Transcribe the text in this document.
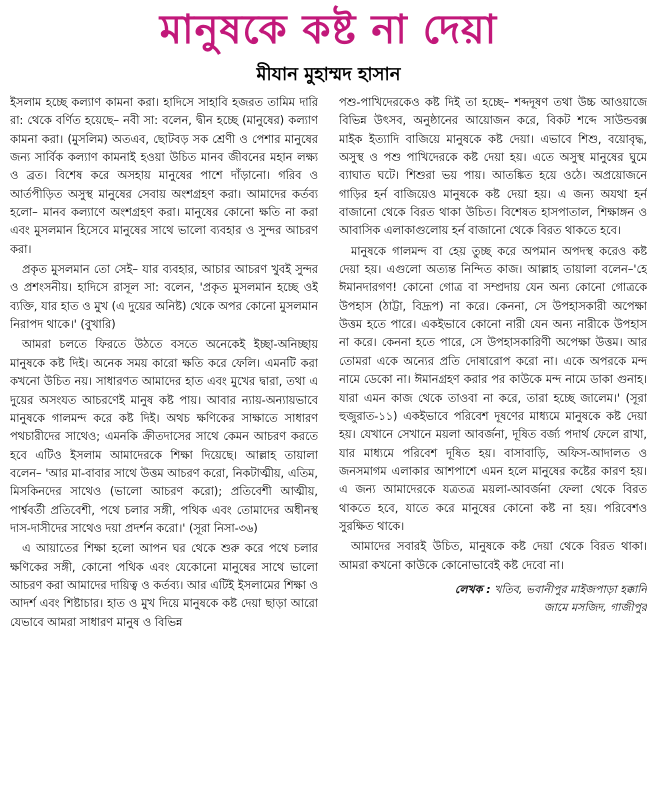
মানুষকে কষ্ট না দেয়া
মীযান মুহাম্মদ হাসান

ইসলাম হচ্ছে কল্যাণ কামনা করা। হাদিসে সাহাবি হজরত তামিম দারি রা: থেকে বর্ণিত হয়েছে– নবী সা: বলেন, দ্বীন হচ্ছে (মানুষের) কল্যাণ কামনা করা। (মুসলিম) অতএব, ছোটবড় সক শ্রেণী ও পেশার মানুষের জন্য সার্বিক কল্যাণ কামনাই হওয়া উচিত মানব জীবনের মহান লক্ষ্য ও ব্রত। বিশেষ করে অসহায় মানুষের পাশে দাঁড়ানো। গরিব ও আর্তপীড়িত অসুস্থ মানুষের সেবায় অংশগ্রহণ করা। আমাদের কর্তব্য হলো– মানব কল্যাণে অংশগ্রহণ করা। মানুষের কোনো ক্ষতি না করা এবং মুসলমান হিসেবে মানুষের সাথে ভালো ব্যবহার ও সুন্দর আচরণ করা।

প্রকৃত মুসলমান তো সেই– যার ব্যবহার, আচার আচরণ খুবই সুন্দর ও প্রশংসনীয়। হাদিসে রাসূল সা: বলেন, 'প্রকৃত মুসলমান হচ্ছে ওই ব্যক্তি, যার হাত ও মুখ (এ দুয়ের অনিষ্ট) থেকে অপর কোনো মুসলমান নিরাপদ থাকে।' (বুখারি)

আমরা চলতে ফিরতে উঠতে বসতে অনেকেই ইচ্ছা-অনিচ্ছায় মানুষকে কষ্ট দিই। অনেক সময় কারো ক্ষতি করে ফেলি। এমনটি করা কখনো উচিত নয়। সাধারণত আমাদের হাত এবং মুখের দ্বারা, তথা এ দুয়ের অসংযত আচরণেই মানুষ কষ্ট পায়। আবার ন্যায়-অন্যায়ভাবে মানুষকে গালমন্দ করে কষ্ট দিই। অথচ ক্ষণিকের সাক্ষাতে সাধারণ পথচারীদের সাথেও; এমনকি ক্রীতদাসের সাথে কেমন আচরণ করতে হবে এটিও ইসলাম আমাদেরকে শিক্ষা দিয়েছে। আল্লাহ তায়ালা বলেন– 'আর মা-বাবার সাথে উত্তম আচরণ করো, নিকটাত্মীয়, এতিম, মিসকিনদের সাথেও (ভালো আচরণ করো); প্রতিবেশী আত্মীয়, পার্শ্ববর্তী প্রতিবেশী, পথে চলার সঙ্গী, পথিক এবং তোমাদের অধীনস্থ দাস-দাসীদের সাথেও দয়া প্রদর্শন করো।' (সূরা নিসা-৩৬)

এ আয়াতের শিক্ষা হলো আপন ঘর থেকে শুরু করে পথে চলার ক্ষণিকের সঙ্গী, কোনো পথিক এবং যেকোনো মানুষের সাথে ভালো আচরণ করা আমাদের দায়িত্ব ও কর্তব্য। আর এটিই ইসলামের শিক্ষা ও আদর্শ এবং শিষ্টাচার। হাত ও মুখ দিয়ে মানুষকে কষ্ট দেয়া ছাড়া আরো যেভাবে আমরা সাধারণ মানুষ ও বিভিন্ন

পশু-পাখিদেরকেও কষ্ট দিই তা হচ্ছে– শব্দদূষণ তথা উচ্চ আওয়াজে বিভিন্ন উৎসব, অনুষ্ঠানের আয়োজন করে, বিকট শব্দে সাউন্ডবক্স মাইক ইত্যাদি বাজিয়ে মানুষকে কষ্ট দেয়া। এভাবে শিশু, বয়োবৃদ্ধ, অসুস্থ ও পশু পাখিদেরকে কষ্ট দেয়া হয়। এতে অসুস্থ মানুষের ঘুমে ব্যাঘাত ঘটে। শিশুরা ভয় পায়। আতঙ্কিত হয়ে ওঠে। অপ্রয়োজনে গাড়ির হর্ন বাজিয়েও মানুষকে কষ্ট দেয়া হয়। এ জন্য অযথা হর্ন বাজানো থেকে বিরত থাকা উচিত। বিশেষত হাসপাতাল, শিক্ষাঙ্গন ও আবাসিক এলাকাগুলোয় হর্ন বাজানো থেকে বিরত থাকতে হবে।

মানুষকে গালমন্দ বা হেয় তুচ্ছ করে অপমান অপদস্থ করেও কষ্ট দেয়া হয়। এগুলো অত্যন্ত নিন্দিত কাজ। আল্লাহ তায়ালা বলেন–'হে ঈমানদারগণ! কোনো গোত্র বা সম্প্রদায় যেন অন্য কোনো গোত্রকে উপহাস (ঠাট্টা, বিদ্রূপ) না করে। কেননা, সে উপহাসকারী অপেক্ষা উত্তম হতে পারে। একইভাবে কোনো নারী যেন অন্য নারীকে উপহাস না করে। কেননা হতে পারে, সে উপহাসকারিণী অপেক্ষা উত্তম। আর তোমরা একে অন্যের প্রতি দোষারোপ করো না। একে অপরকে মন্দ নামে ডেকো না। ঈমানগ্রহণ করার পর কাউকে মন্দ নামে ডাকা গুনাহ। যারা এমন কাজ থেকে তাওবা না করে, তারা হচ্ছে জালেম।' (সূরা হুজুরাত-১১) একইভাবে পরিবেশ দূষণের মাধ্যমে মানুষকে কষ্ট দেয়া হয়। যেখানে সেখানে ময়লা আবর্জনা, দূষিত বর্জ্য পদার্থ ফেলে রাখা, যার মাধ্যমে পরিবেশ দূষিত হয়। বাসাবাড়ি, অফিস-আদালত ও জনসমাগম এলাকার আশপাশে এমন হলে মানুষের কষ্টের কারণ হয়। এ জন্য আমাদেরকে যত্রতত্র ময়লা-আবর্জনা ফেলা থেকে বিরত থাকতে হবে, যাতে করে মানুষের কোনো কষ্ট না হয়। পরিবেশও সুরক্ষিত থাকে।

আমাদের সবারই উচিত, মানুষকে কষ্ট দেয়া থেকে বিরত থাকা। আমরা কখনো কাউকে কোনোভাবেই কষ্ট দেবো না।

লেখক : খতিব, ভবানীপুর মাইজপাড়া হক্কানি
জামে মসজিদ, গাজীপুর
